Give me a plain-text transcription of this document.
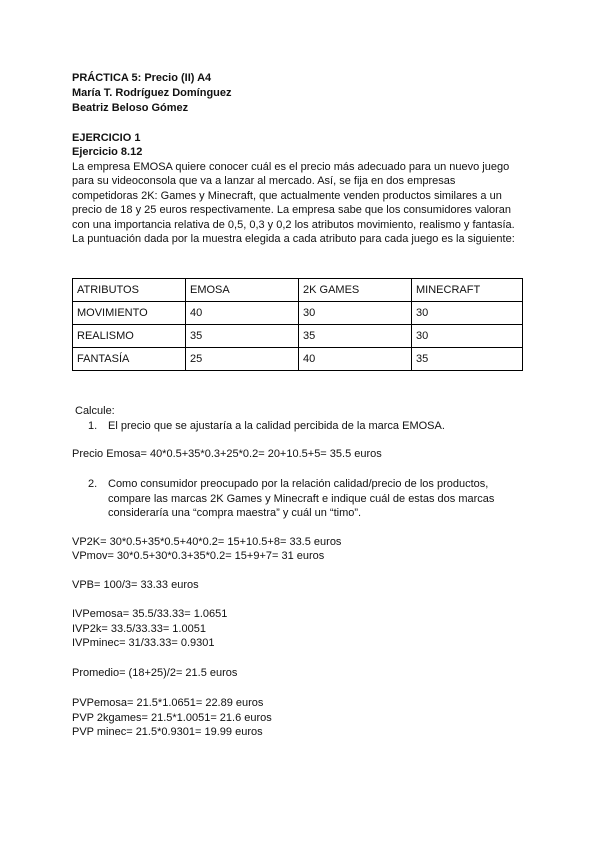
PRÁCTICA 5: Precio (II) A4
María T. Rodríguez Domínguez
Beatriz Beloso Gómez
EJERCICIO 1
Ejercicio 8.12
La empresa EMOSA quiere conocer cuál es el precio más adecuado para un nuevo juego
para su videoconsola que va a lanzar al mercado. Así, se fija en dos empresas
competidoras 2K: Games y Minecraft, que actualmente venden productos similares a un
precio de 18 y 25 euros respectivamente. La empresa sabe que los consumidores valoran
con una importancia relativa de 0,5, 0,3 y 0,2 los atributos movimiento, realismo y fantasía.
La puntuación dada por la muestra elegida a cada atributo para cada juego es la siguiente:
ATRIBUTOS	EMOSA	2K GAMES	MINECRAFT
MOVIMIENTO	40	30	30
REALISMO	35	35	30
FANTASÍA	25	40	35
Calcule:
1. El precio que se ajustaría a la calidad percibida de la marca EMOSA.
Precio Emosa= 40*0.5+35*0.3+25*0.2= 20+10.5+5= 35.5 euros
2. Como consumidor preocupado por la relación calidad/precio de los productos,
compare las marcas 2K Games y Minecraft e indique cuál de estas dos marcas
consideraría una “compra maestra” y cuál un “timo”.
VP2K= 30*0.5+35*0.5+40*0.2= 15+10.5+8= 33.5 euros
VPmov= 30*0.5+30*0.3+35*0.2= 15+9+7= 31 euros
VPB= 100/3= 33.33 euros
IVPemosa= 35.5/33.33= 1.0651
IVP2k= 33.5/33.33= 1.0051
IVPminec= 31/33.33= 0.9301
Promedio= (18+25)/2= 21.5 euros
PVPemosa= 21.5*1.0651= 22.89 euros
PVP 2kgames= 21.5*1.0051= 21.6 euros
PVP minec= 21.5*0.9301= 19.99 euros
